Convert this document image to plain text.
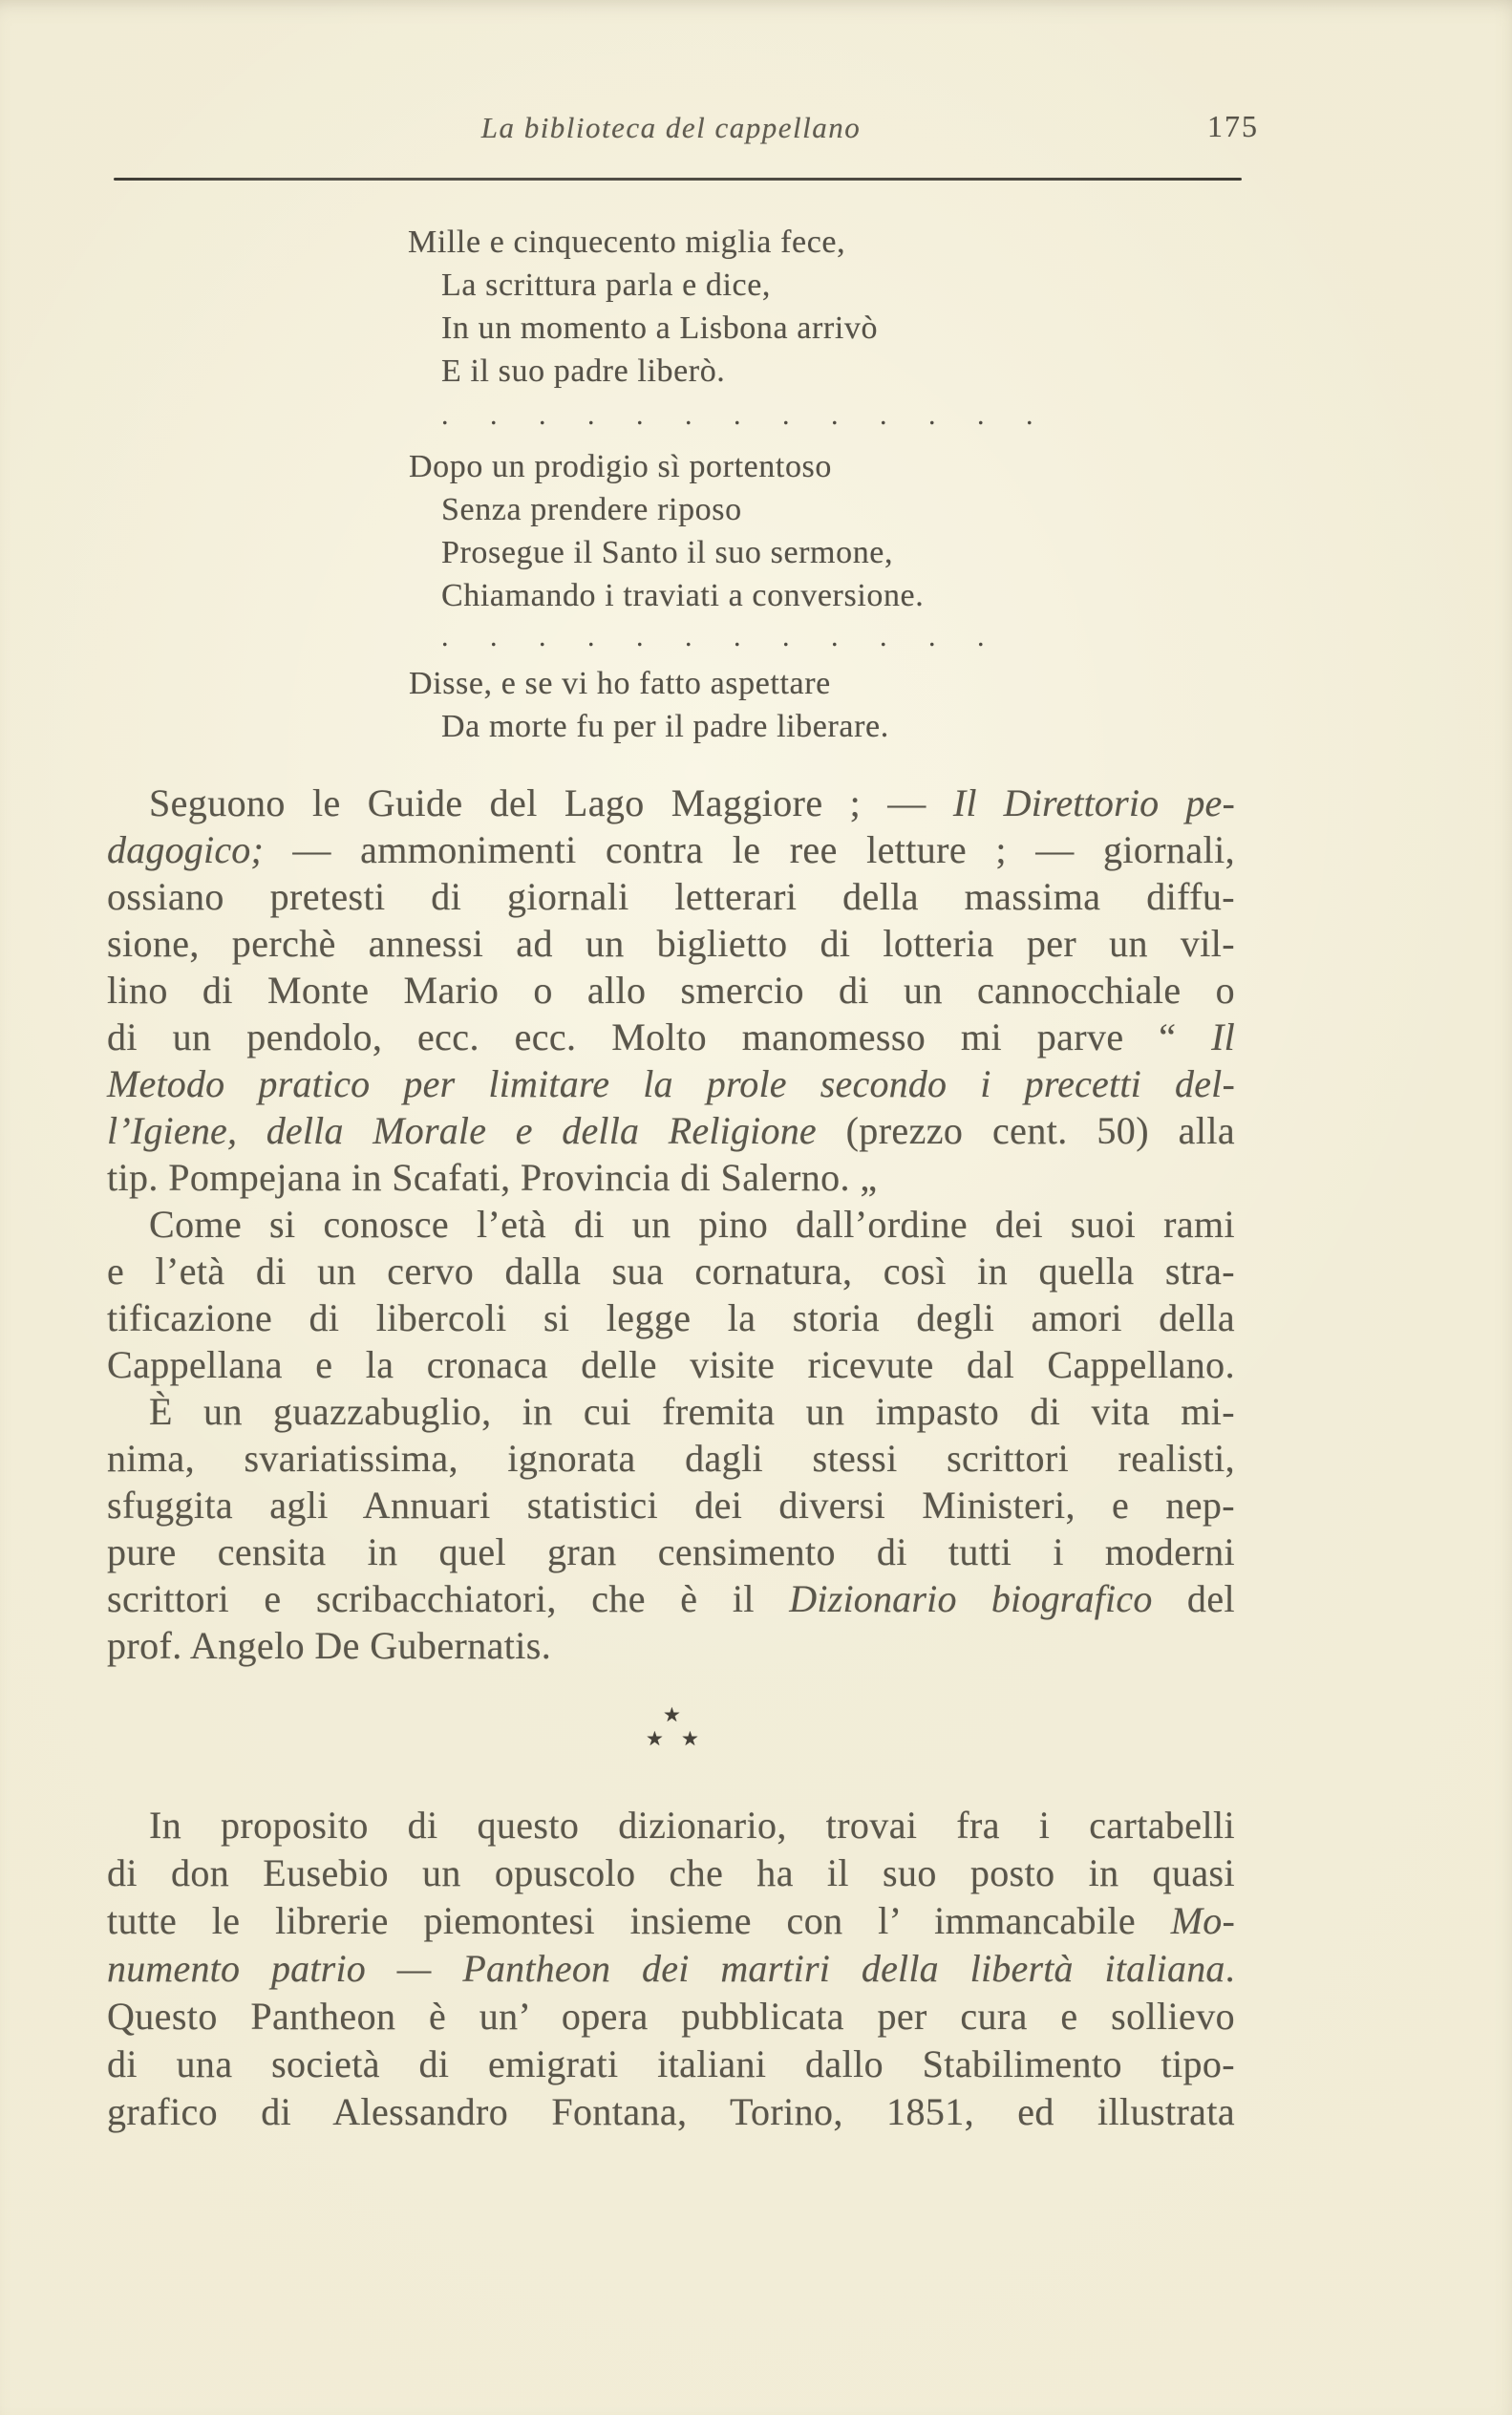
La biblioteca del cappellano	175
Mille e cinquecento miglia fece,
La scrittura parla e dice,
In un momento a Lisbona arrivò
E il suo padre liberò.
. . . . . . . . . . . . .
Dopo un prodigio sì portentoso
Senza prendere riposo
Prosegue il Santo il suo sermone,
Chiamando i traviati a conversione.
. . . . . . . . . . . .
Disse, e se vi ho fatto aspettare
Da morte fu per il padre liberare.
Seguono le Guide del Lago Maggiore ; — Il Direttorio pe-
dagogico; — ammonimenti contra le ree letture ; — giornali,
ossiano pretesti di giornali letterari della massima diffu-
sione, perchè annessi ad un biglietto di lotteria per un vil-
lino di Monte Mario o allo smercio di un cannocchiale o
di un pendolo, ecc. ecc. Molto manomesso mi parve “ Il
Metodo pratico per limitare la prole secondo i precetti del-
l’Igiene, della Morale e della Religione (prezzo cent. 50) alla
tip. Pompejana in Scafati, Provincia di Salerno. „
Come si conosce l’età di un pino dall’ordine dei suoi rami
e l’età di un cervo dalla sua cornatura, così in quella stra-
tificazione di libercoli si legge la storia degli amori della
Cappellana e la cronaca delle visite ricevute dal Cappellano.
È un guazzabuglio, in cui fremita un impasto di vita mi-
nima, svariatissima, ignorata dagli stessi scrittori realisti,
sfuggita agli Annuari statistici dei diversi Ministeri, e nep-
pure censita in quel gran censimento di tutti i moderni
scrittori e scribacchiatori, che è il Dizionario biografico del
prof. Angelo De Gubernatis.
★
★ ★
In proposito di questo dizionario, trovai fra i cartabelli
di don Eusebio un opuscolo che ha il suo posto in quasi
tutte le librerie piemontesi insieme con l’ immancabile Mo-
numento patrio — Pantheon dei martiri della libertà italiana.
Questo Pantheon è un’ opera pubblicata per cura e sollievo
di una società di emigrati italiani dallo Stabilimento tipo-
grafico di Alessandro Fontana, Torino, 1851, ed illustrata
